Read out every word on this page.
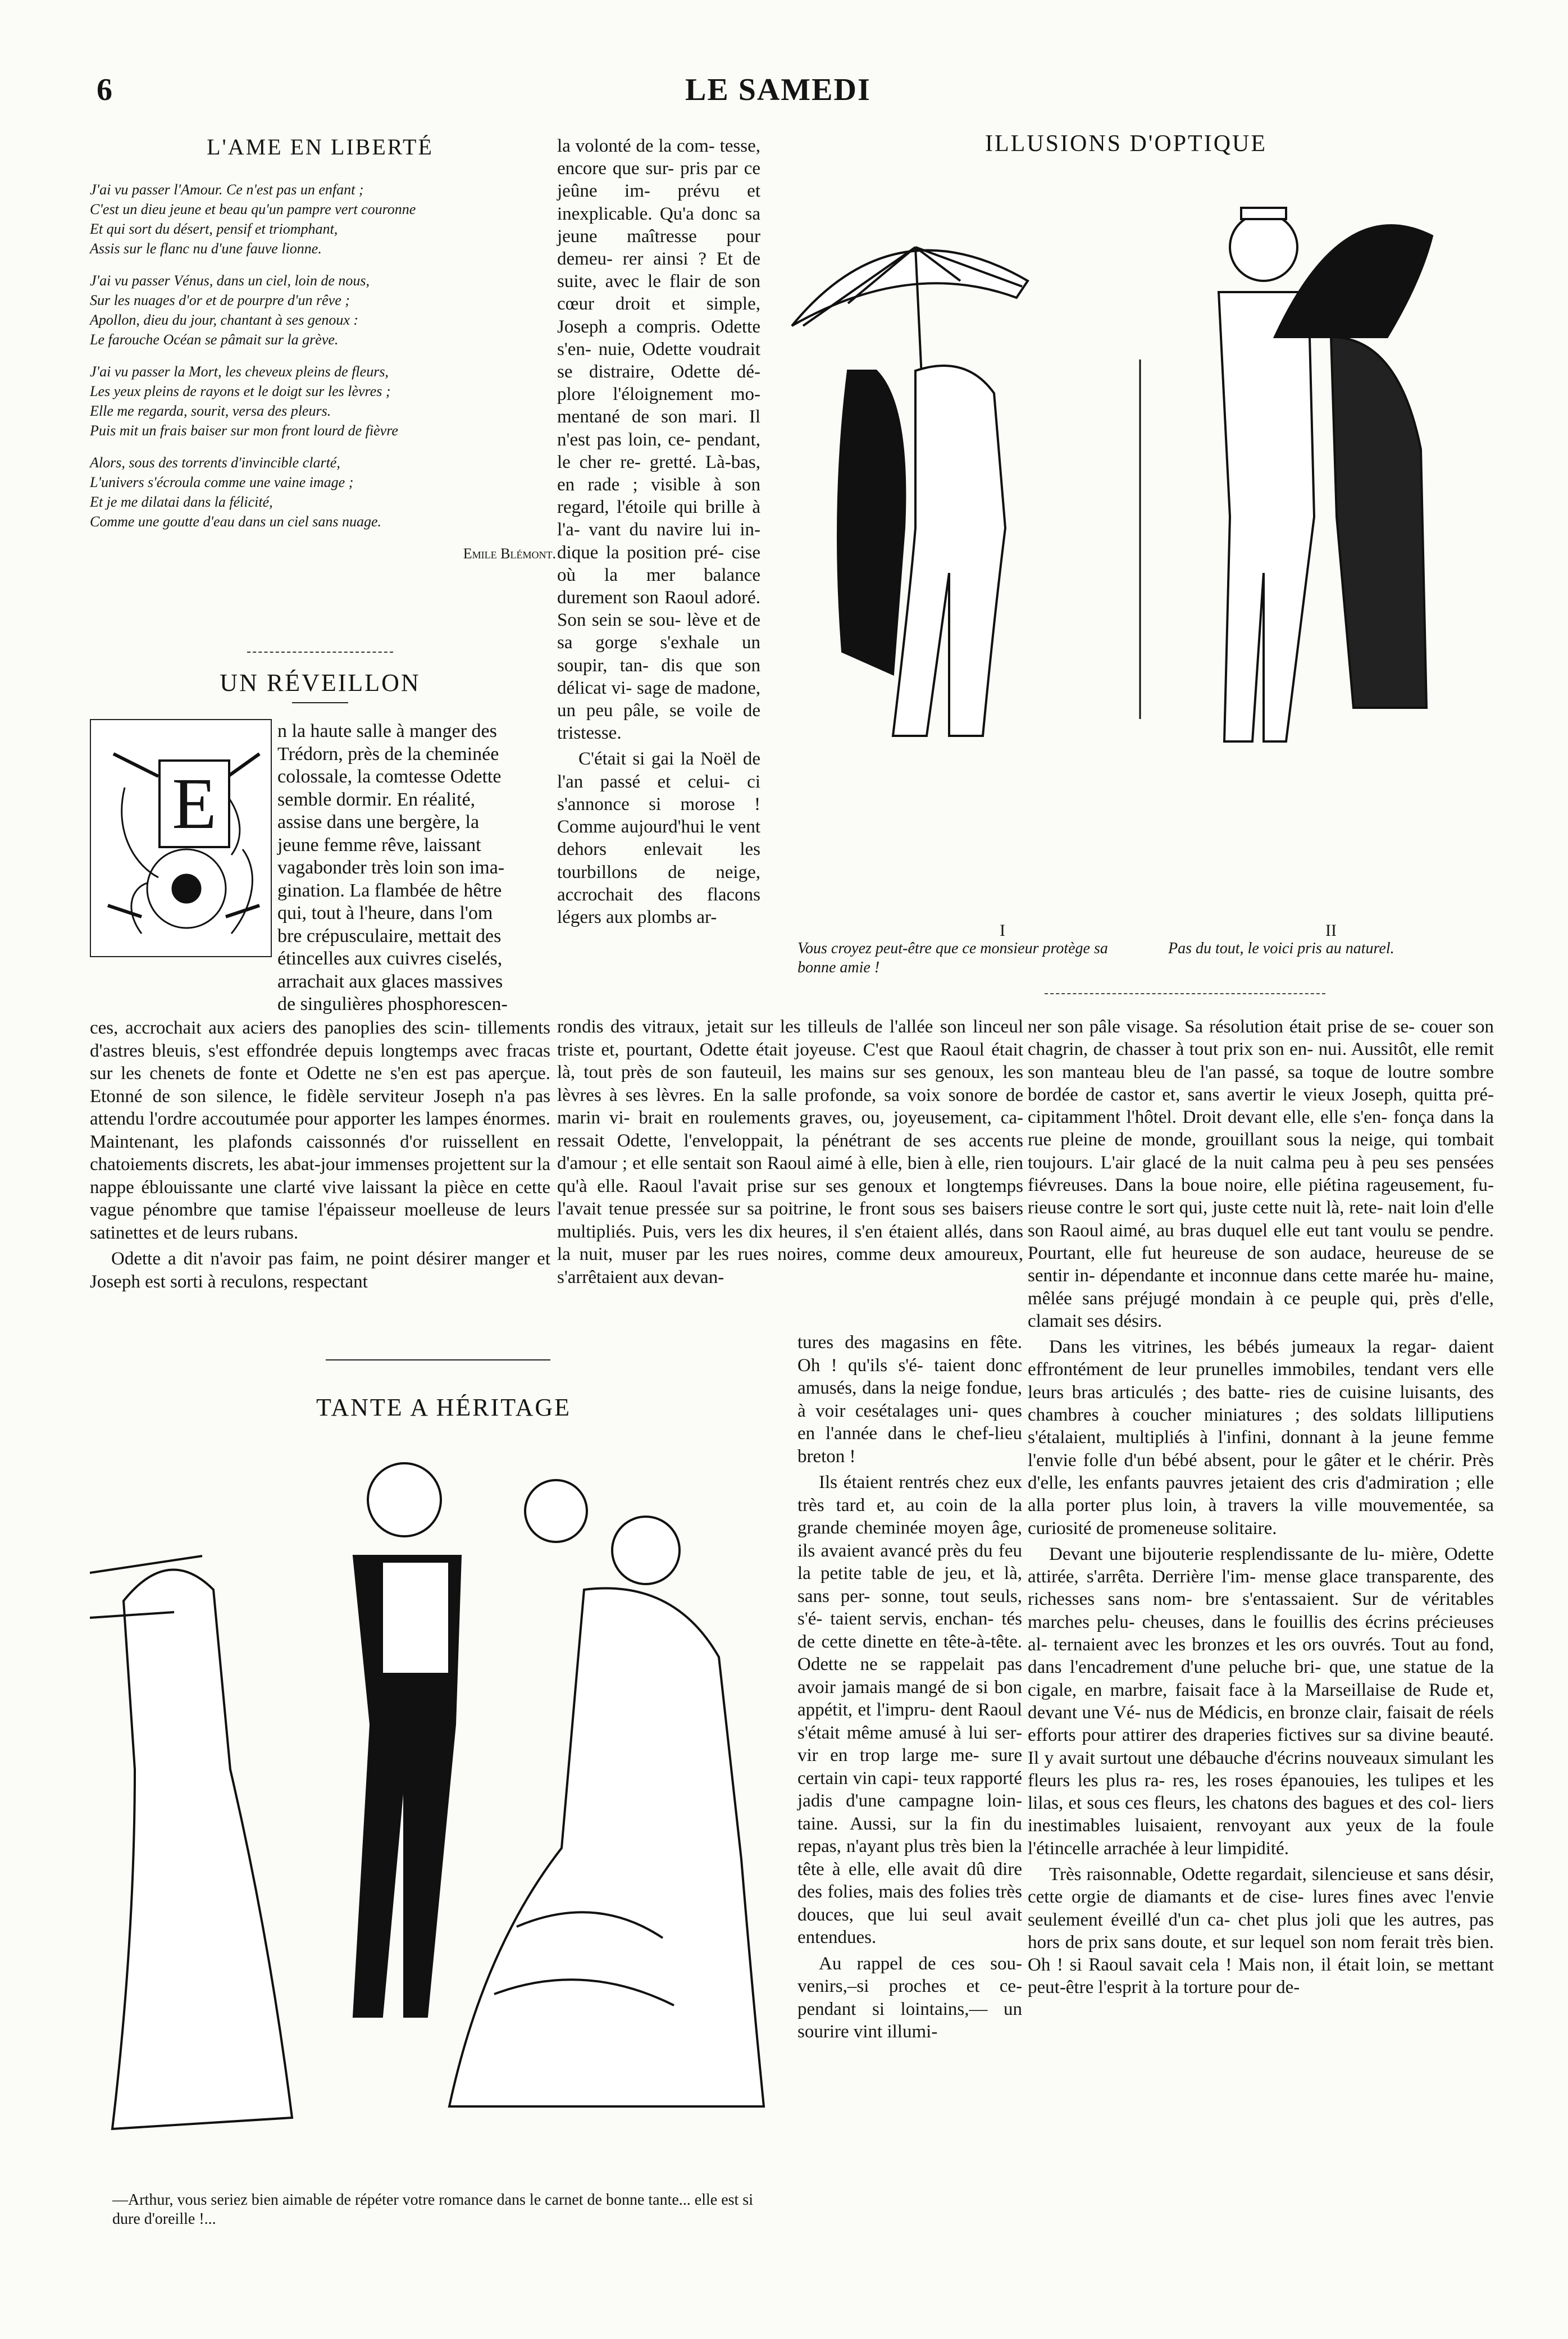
6	LE SAMEDI
L'AME EN LIBERTÉ
J'ai vu passer l'Amour. Ce n'est pas un enfant ;
C'est un dieu jeune et beau qu'un pampre vert couronne
Et qui sort du désert, pensif et triomphant,
Assis sur le flanc nu d'une fauve lionne.
J'ai vu passer Vénus, dans un ciel, loin de nous,
Sur les nuages d'or et de pourpre d'un rêve ;
Apollon, dieu du jour, chantant à ses genoux :
Le farouche Océan se pâmait sur la grève.
J'ai vu passer la Mort, les cheveux pleins de fleurs,
Les yeux pleins de rayons et le doigt sur les lèvres ;
Elle me regarda, sourit, versa des pleurs.
Puis mit un frais baiser sur mon front lourd de fièvre
Alors, sous des torrents d'invincible clarté,
L'univers s'écroula comme une vaine image ;
Et je me dilatai dans la félicité,
Comme une goutte d'eau dans un ciel sans nuage.
Emile Blémont.
UN RÉVEILLON
E
n la haute salle à manger des
Trédorn, près de la cheminée
colossale, la comtesse Odette
semble dormir. En réalité,
assise dans une bergère, la
jeune femme rêve, laissant
vagabonder très loin son ima-
gination. La flambée de hêtre
qui, tout à l'heure, dans l'om
bre crépusculaire, mettait des
étincelles aux cuivres ciselés,
arrachait aux glaces massives
de singulières phosphorescen-

ces, accrochait aux aciers des panoplies des scin- tillements d'astres bleuis, s'est effondrée depuis longtemps avec fracas sur les chenets de fonte et Odette ne s'en est pas aperçue. Etonné de son silence, le fidèle serviteur Joseph n'a pas attendu l'ordre accoutumée pour apporter les lampes énormes. Maintenant, les plafonds caissonnés d'or ruissellent en chatoiements discrets, les abat-jour immenses projettent sur la nappe éblouissante une clarté vive laissant la pièce en cette vague pénombre que tamise l'épaisseur moelleuse de leurs satinettes et de leurs rubans.

Odette a dit n'avoir pas faim, ne point désirer manger et Joseph est sorti à reculons, respectant

la volonté de la com- tesse, encore que sur- pris par ce jeûne im- prévu et inexplicable. Qu'a donc sa jeune maîtresse pour demeu- rer ainsi ? Et de suite, avec le flair de son cœur droit et simple, Joseph a compris. Odette s'en- nuie, Odette voudrait se distraire, Odette dé- plore l'éloignement mo- mentané de son mari. Il n'est pas loin, ce- pendant, le cher re- gretté. Là-bas, en rade ; visible à son regard, l'étoile qui brille à l'a- vant du navire lui in- dique la position pré- cise où la mer balance durement son Raoul adoré. Son sein se sou- lève et de sa gorge s'exhale un soupir, tan- dis que son délicat vi- sage de madone, un peu pâle, se voile de tristesse.

C'était si gai la Noël de l'an passé et celui- ci s'annonce si morose ! Comme aujourd'hui le vent dehors enlevait les tourbillons de neige, accrochait des flacons légers aux plombs ar-

rondis des vitraux, jetait sur les tilleuls de l'allée son linceul triste et, pourtant, Odette était joyeuse. C'est que Raoul était là, tout près de son fauteuil, les mains sur ses genoux, les lèvres à ses lèvres. En la salle profonde, sa voix sonore de marin vi- brait en roulements graves, ou, joyeusement, ca- ressait Odette, l'enveloppait, la pénétrant de ses accents d'amour ; et elle sentait son Raoul aimé à elle, bien à elle, rien qu'à elle. Raoul l'avait prise sur ses genoux et longtemps l'avait tenue pressée sur sa poitrine, le front sous ses baisers multipliés. Puis, vers les dix heures, il s'en étaient allés, dans la nuit, muser par les rues noires, comme deux amoureux, s'arrêtaient aux devan-

tures des magasins en fête. Oh ! qu'ils s'é- taient donc amusés, dans la neige fondue, à voir cesétalages uni- ques en l'année dans le chef-lieu breton !

Ils étaient rentrés chez eux très tard et, au coin de la grande cheminée moyen âge, ils avaient avancé près du feu la petite table de jeu, et là, sans per- sonne, tout seuls, s'é- taient servis, enchan- tés de cette dinette en tête-à-tête. Odette ne se rappelait pas avoir jamais mangé de si bon appétit, et l'impru- dent Raoul s'était même amusé à lui ser- vir en trop large me- sure certain vin capi- teux rapporté jadis d'une campagne loin- taine. Aussi, sur la fin du repas, n'ayant plus très bien la tête à elle, elle avait dû dire des folies, mais des folies très douces, que lui seul avait entendues.

Au rappel de ces sou- venirs,–si proches et ce- pendant si lointains,— un sourire vint illumi-

ner son pâle visage. Sa résolution était prise de se- couer son chagrin, de chasser à tout prix son en- nui. Aussitôt, elle remit son manteau bleu de l'an passé, sa toque de loutre sombre bordée de castor et, sans avertir le vieux Joseph, quitta pré- cipitamment l'hôtel. Droit devant elle, elle s'en- fonça dans la rue pleine de monde, grouillant sous la neige, qui tombait toujours. L'air glacé de la nuit calma peu à peu ses pensées fiévreuses. Dans la boue noire, elle piétina rageusement, fu- rieuse contre le sort qui, juste cette nuit là, rete- nait loin d'elle son Raoul aimé, au bras duquel elle eut tant voulu se pendre. Pourtant, elle fut heureuse de son audace, heureuse de se sentir in- dépendante et inconnue dans cette marée hu- maine, mêlée sans préjugé mondain à ce peuple qui, près d'elle, clamait ses désirs.

Dans les vitrines, les bébés jumeaux la regar- daient effrontément de leur prunelles immobiles, tendant vers elle leurs bras articulés ; des batte- ries de cuisine luisants, des chambres à coucher miniatures ; des soldats lilliputiens s'étalaient, multipliés à l'infini, donnant à la jeune femme l'envie folle d'un bébé absent, pour le gâter et le chérir. Près d'elle, les enfants pauvres jetaient des cris d'admiration ; elle alla porter plus loin, à travers la ville mouvementée, sa curiosité de promeneuse solitaire.

Devant une bijouterie resplendissante de lu- mière, Odette attirée, s'arrêta. Derrière l'im- mense glace transparente, des richesses sans nom- bre s'entassaient. Sur de véritables marches pelu- cheuses, dans le fouillis des écrins précieuses al- ternaient avec les bronzes et les ors ouvrés. Tout au fond, dans l'encadrement d'une peluche bri- que, une statue de la cigale, en marbre, faisait face à la Marseillaise de Rude et, devant une Vé- nus de Médicis, en bronze clair, faisait de réels efforts pour attirer des draperies fictives sur sa divine beauté. Il y avait surtout une débauche d'écrins nouveaux simulant les fleurs les plus ra- res, les roses épanouies, les tulipes et les lilas, et sous ces fleurs, les chatons des bagues et des col- liers inestimables luisaient, renvoyant aux yeux de la foule l'étincelle arrachée à leur limpidité.

Très raisonnable, Odette regardait, silencieuse et sans désir, cette orgie de diamants et de cise- lures fines avec l'envie seulement éveillé d'un ca- chet plus joli que les autres, pas hors de prix sans doute, et sur lequel son nom ferait très bien. Oh ! si Raoul savait cela ! Mais non, il était loin, se mettant peut-être l'esprit à la torture pour de-

ILLUSIONS D'OPTIQUE
I	II
Vous croyez peut-être que ce monsieur protège sa bonne amie !
Pas du tout, le voici pris au naturel.
TANTE A HÉRITAGE
—Arthur, vous seriez bien aimable de répéter votre romance dans le carnet de bonne tante... elle est si dure d'oreille !...
